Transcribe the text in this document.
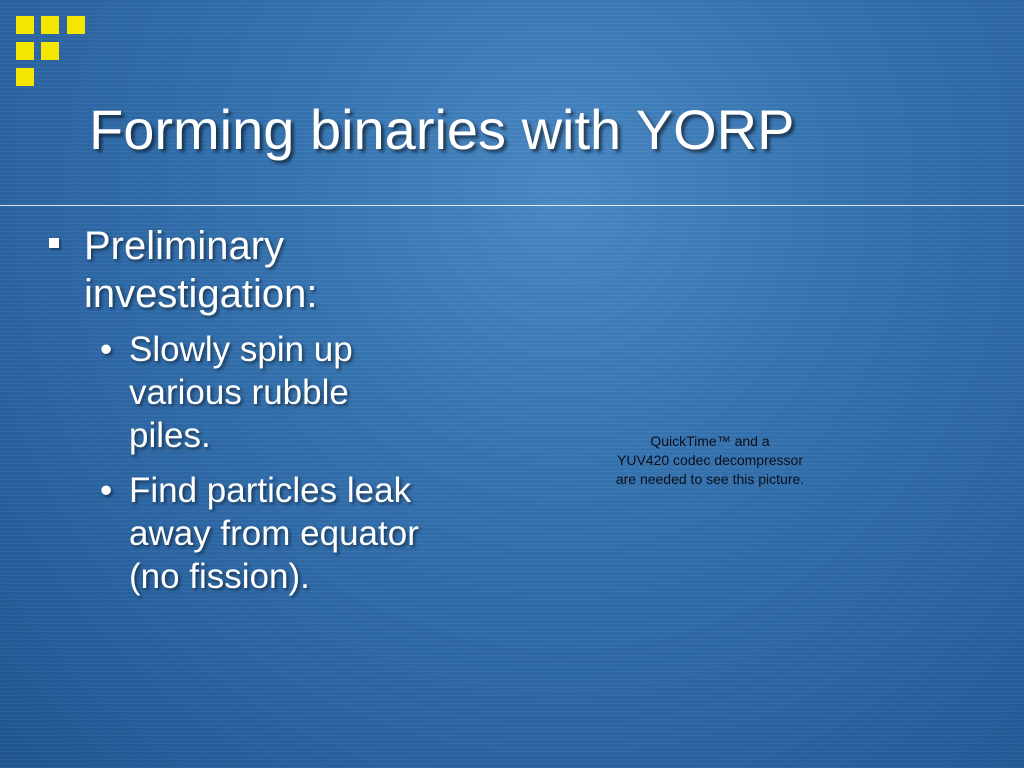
Forming binaries with YORP
Preliminary investigation:
• Slowly spin up various rubble piles.
• Find particles leak away from equator (no fission).
QuickTime™ and a
YUV420 codec decompressor
are needed to see this picture.
